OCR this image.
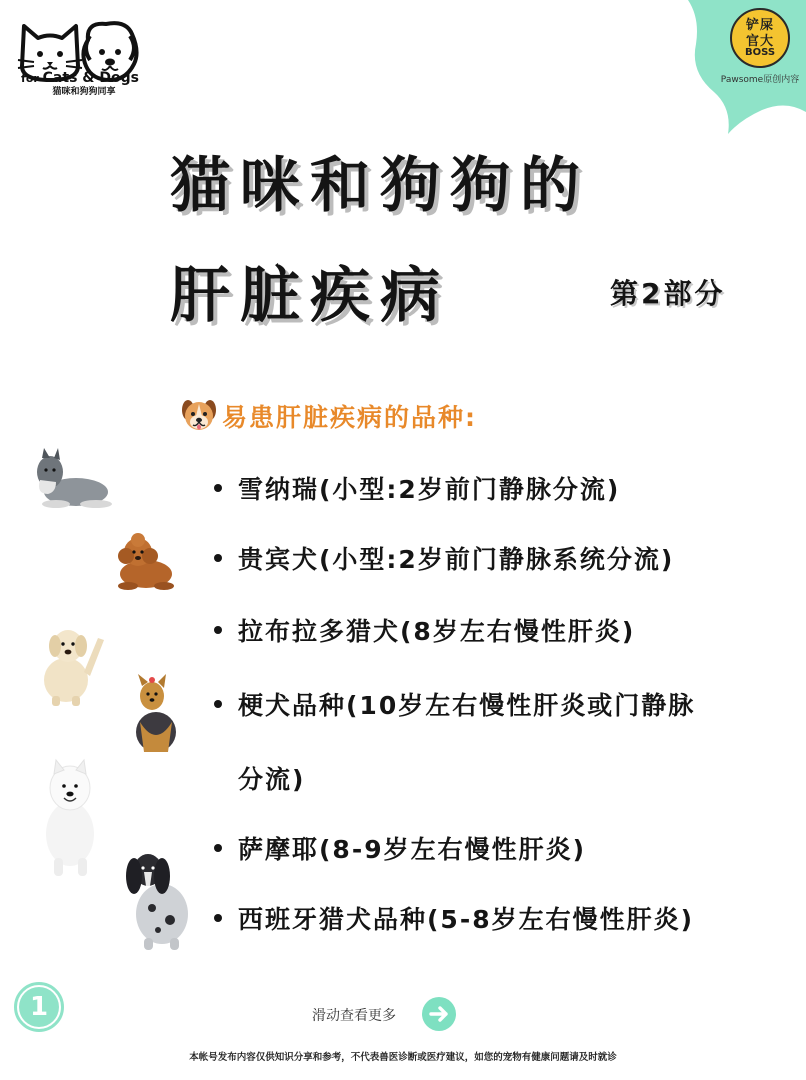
for Cats & Dogs
猫咪和狗狗同享
铲屎
官大
BOSS
Pawsome原创内容
猫咪和狗狗的
肝脏疾病	第2部分
易患肝脏疾病的品种:
雪纳瑞(小型:2岁前门静脉分流)
贵宾犬(小型:2岁前门静脉系统分流)
拉布拉多猎犬(8岁左右慢性肝炎)
梗犬品种(10岁左右慢性肝炎或门静脉
分流)
萨摩耶(8-9岁左右慢性肝炎)
西班牙猎犬品种(5-8岁左右慢性肝炎)
1	滑动查看更多
本帐号发布内容仅供知识分享和参考，不代表兽医诊断或医疗建议，如您的宠物有健康问题请及时就诊
